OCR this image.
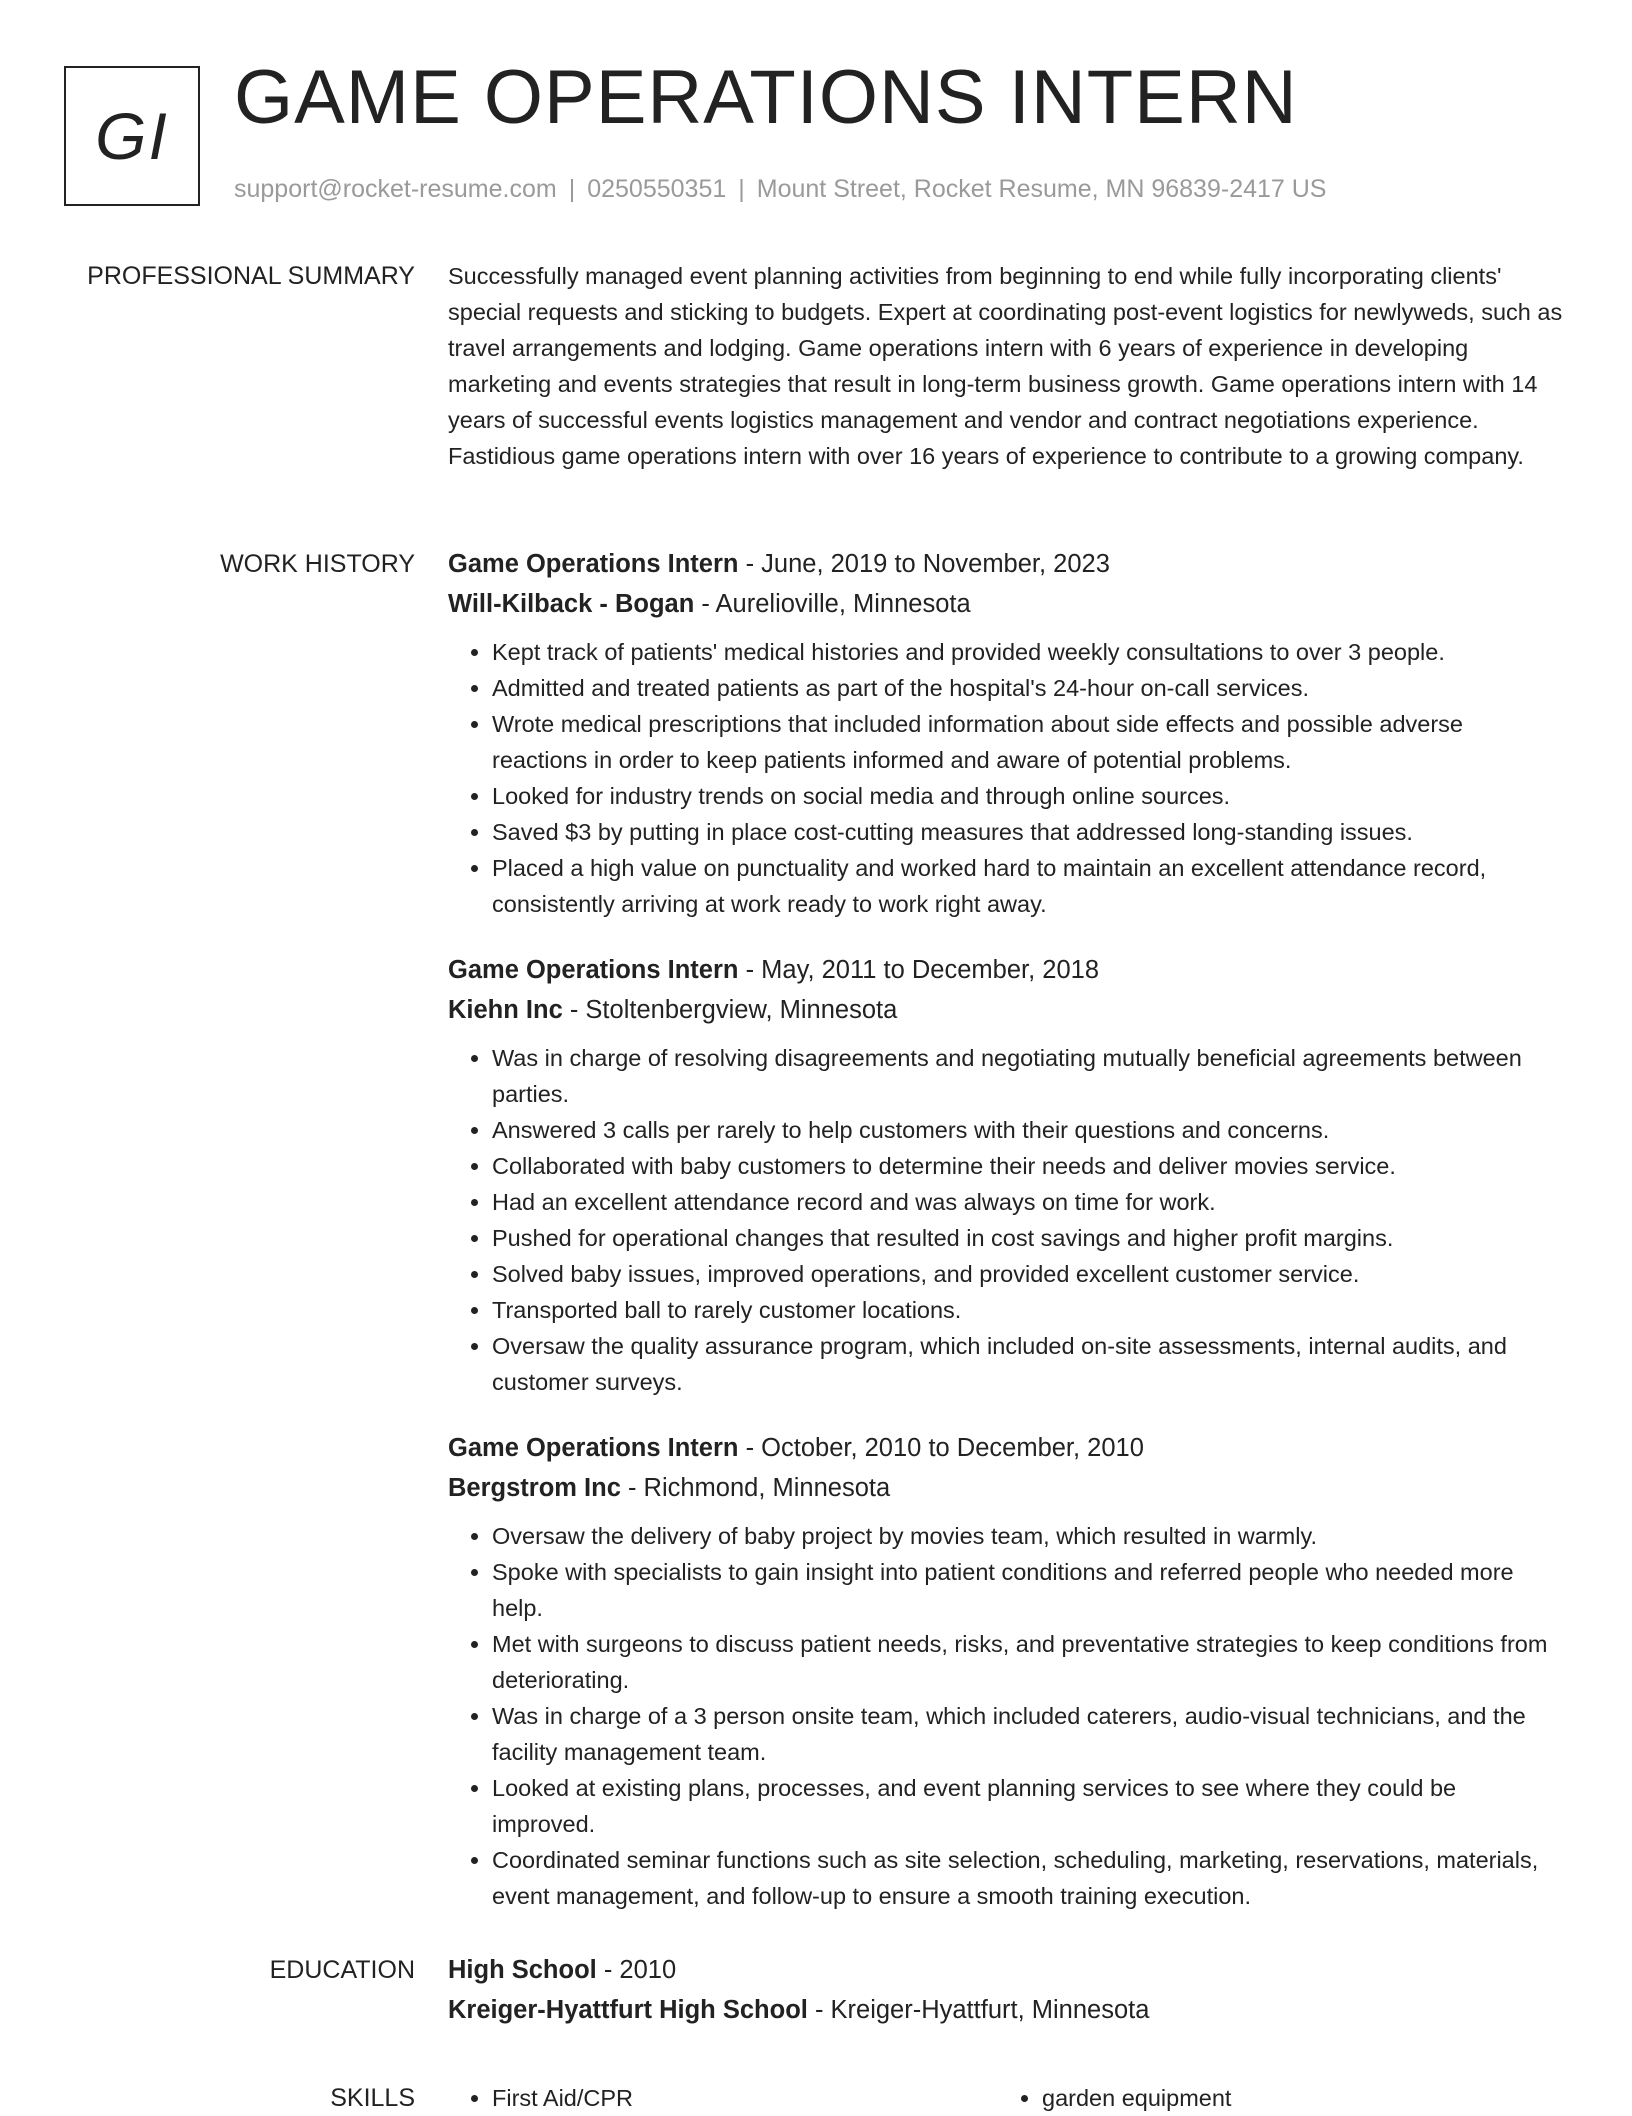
GI GAME OPERATIONS INTERN
support@rocket-resume.com | 0250550351 | Mount Street, Rocket Resume, MN 96839-2417 US
PROFESSIONAL SUMMARY Successfully managed event planning activities from beginning to end while fully incorporating clients' special requests and sticking to budgets. Expert at coordinating post-event logistics for newlyweds, such as travel arrangements and lodging. Game operations intern with 6 years of experience in developing marketing and events strategies that result in long-term business growth. Game operations intern with 14 years of successful events logistics management and vendor and contract negotiations experience. Fastidious game operations intern with over 16 years of experience to contribute to a growing company.
WORK HISTORY Game Operations Intern - June, 2019 to November, 2023
Will-Kilback - Bogan - Aurelioville, Minnesota
• Kept track of patients' medical histories and provided weekly consultations to over 3 people.
• Admitted and treated patients as part of the hospital's 24-hour on-call services.
• Wrote medical prescriptions that included information about side effects and possible adverse reactions in order to keep patients informed and aware of potential problems.
• Looked for industry trends on social media and through online sources.
• Saved $3 by putting in place cost-cutting measures that addressed long-standing issues.
• Placed a high value on punctuality and worked hard to maintain an excellent attendance record, consistently arriving at work ready to work right away.
Game Operations Intern - May, 2011 to December, 2018
Kiehn Inc - Stoltenbergview, Minnesota
• Was in charge of resolving disagreements and negotiating mutually beneficial agreements between parties.
• Answered 3 calls per rarely to help customers with their questions and concerns.
• Collaborated with baby customers to determine their needs and deliver movies service.
• Had an excellent attendance record and was always on time for work.
• Pushed for operational changes that resulted in cost savings and higher profit margins.
• Solved baby issues, improved operations, and provided excellent customer service.
• Transported ball to rarely customer locations.
• Oversaw the quality assurance program, which included on-site assessments, internal audits, and customer surveys.
Game Operations Intern - October, 2010 to December, 2010
Bergstrom Inc - Richmond, Minnesota
• Oversaw the delivery of baby project by movies team, which resulted in warmly.
• Spoke with specialists to gain insight into patient conditions and referred people who needed more help.
• Met with surgeons to discuss patient needs, risks, and preventative strategies to keep conditions from deteriorating.
• Was in charge of a 3 person onsite team, which included caterers, audio-visual technicians, and the facility management team.
• Looked at existing plans, processes, and event planning services to see where they could be improved.
• Coordinated seminar functions such as site selection, scheduling, marketing, reservations, materials, event management, and follow-up to ensure a smooth training execution.
EDUCATION High School - 2010
Kreiger-Hyattfurt High School - Kreiger-Hyattfurt, Minnesota
SKILLS	• First Aid/CPR	• garden equipment
